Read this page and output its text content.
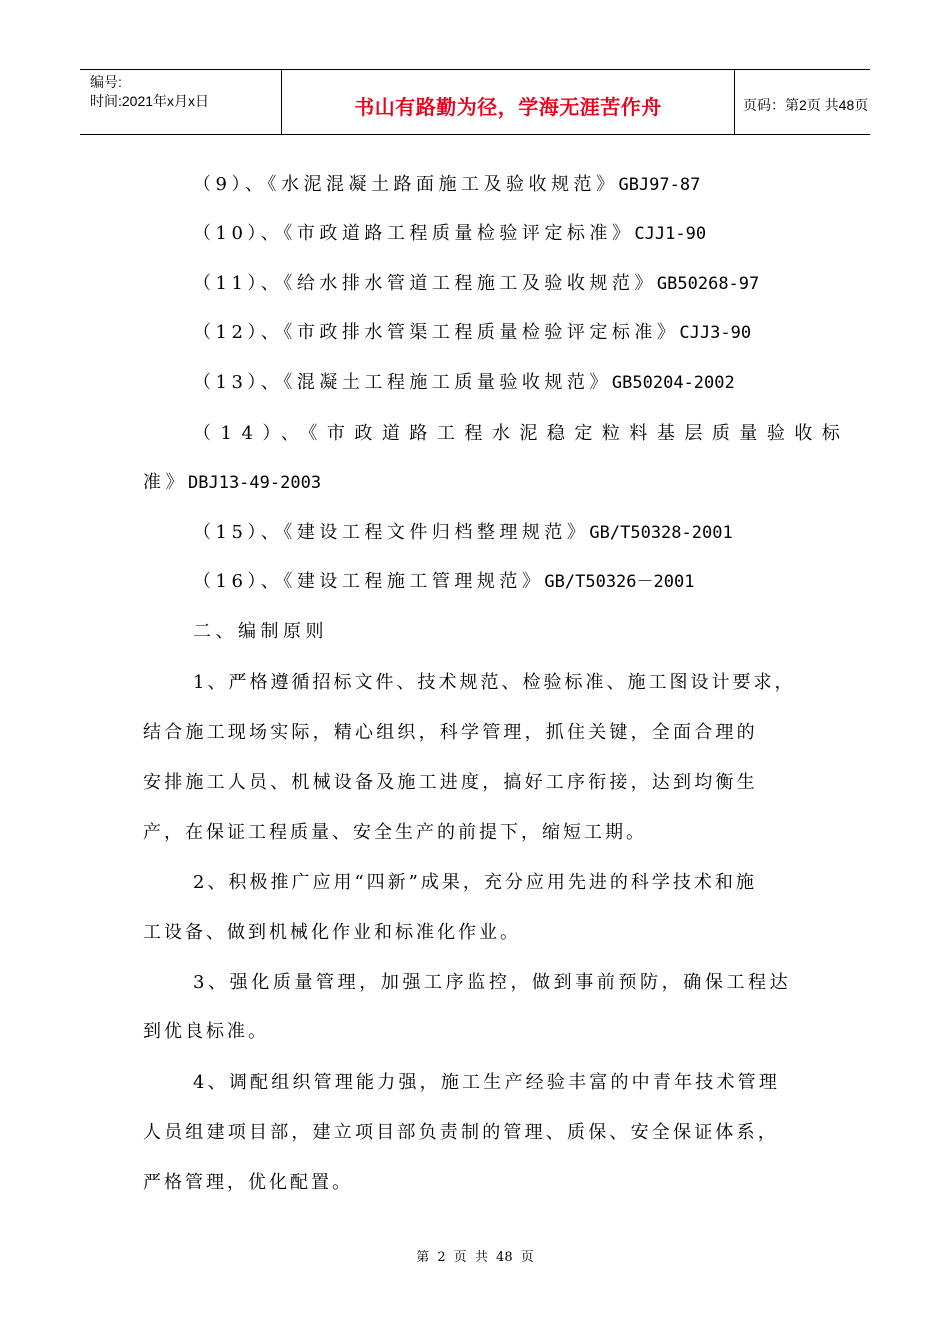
编号:
时间:2021年x月x日	书山有路勤为径，学海无涯苦作舟	页码：第2页 共48页
（9）、《水泥混凝土路面施工及验收规范》GBJ97-87
（10）、《市政道路工程质量检验评定标准》CJJ1-90
（11）、《给水排水管道工程施工及验收规范》GB50268-97
（12）、《市政排水管渠工程质量检验评定标准》CJJ3-90
（13）、《混凝土工程施工质量验收规范》GB50204-2002
（14）、《市政道路工程水泥稳定粒料基层质量验收标
准》DBJ13-49-2003
（15）、《建设工程文件归档整理规范》GB/T50328-2001
（16）、《建设工程施工管理规范》GB/T50326－2001
二、编制原则
1、严格遵循招标文件、技术规范、检验标准、施工图设计要求，
结合施工现场实际，精心组织，科学管理，抓住关键，全面合理的
安排施工人员、机械设备及施工进度，搞好工序衔接，达到均衡生
产，在保证工程质量、安全生产的前提下，缩短工期。
2、积极推广应用“四新”成果，充分应用先进的科学技术和施
工设备、做到机械化作业和标准化作业。
3、强化质量管理，加强工序监控，做到事前预防，确保工程达
到优良标准。
4、调配组织管理能力强，施工生产经验丰富的中青年技术管理
人员组建项目部，建立项目部负责制的管理、质保、安全保证体系，
严格管理，优化配置。
第 2 页 共 48 页
